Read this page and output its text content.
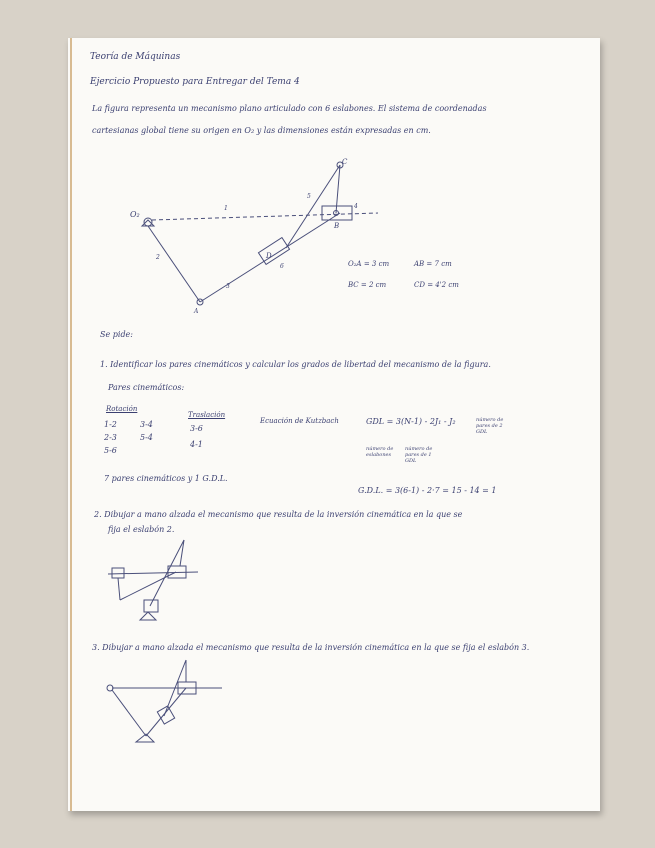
Teoría de Máquinas
Ejercicio Propuesto para Entregar del Tema 4
La figura representa un mecanismo plano articulado con 6 eslabones. El sistema de coordenadas
cartesianas global tiene su origen en O₂ y las dimensiones están expresadas en cm.
O₂
A
B
C
D
1
2
3
4
5
6	O₂A = 3 cm	AB = 7 cm
BC = 2 cm	CD = 4'2 cm
Se pide:
1. Identificar los pares cinemáticos y calcular los grados de libertad del mecanismo de la figura.
Pares cinemáticos:
Rotación
1-2	3-4
2-3	5-4
5-6
Traslación
3-6
4-1
Ecuación de Kutzbach	GDL = 3(N-1) - 2J₁ - J₂
número de eslabones
número de pares de 1 GDL
número de pares de 2 GDL
7 pares cinemáticos y 1 G.D.L.
G.D.L. = 3(6-1) - 2·7 = 15 - 14 = 1
2. Dibujar a mano alzada el mecanismo que resulta de la inversión cinemática en la que se
fija el eslabón 2.
3. Dibujar a mano alzada el mecanismo que resulta de la inversión cinemática en la que se fija el eslabón 3.
